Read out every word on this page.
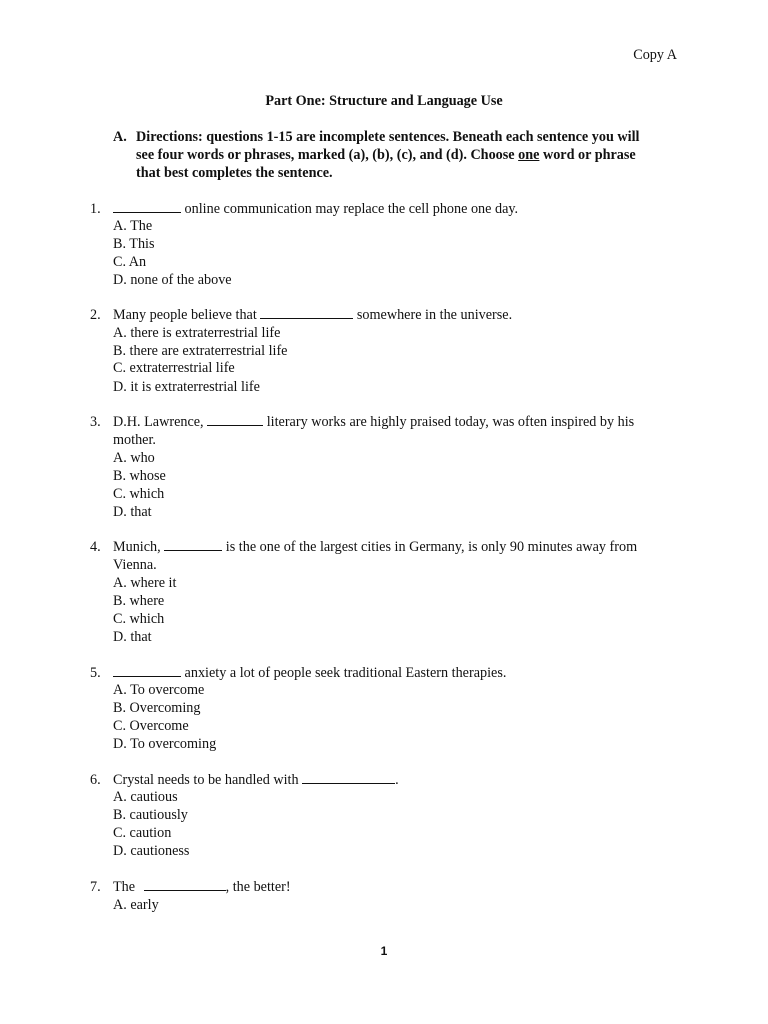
Copy A
Part One: Structure and Language Use
A. Directions: questions 1-15 are incomplete sentences. Beneath each sentence you will
see four words or phrases, marked (a), (b), (c), and (d). Choose one word or phrase
that best completes the sentence.
1.	online communication may replace the cell phone one day.
A. The
B. This
C. An
D. none of the above
2. Many people believe that	somewhere in the universe.
A. there is extraterrestrial life
B. there are extraterrestrial life
C. extraterrestrial life
D. it is extraterrestrial life
3. D.H. Lawrence,	literary works are highly praised today, was often inspired by his
mother.
A. who
B. whose
C. which
D. that
4. Munich,	is the one of the largest cities in Germany, is only 90 minutes away from
Vienna.
A. where it
B. where
C. which
D. that
5.	anxiety a lot of people seek traditional Eastern therapies.
A. To overcome
B. Overcoming
C. Overcome
D. To overcoming
6. Crystal needs to be handled with	.
A. cautious
B. cautiously
C. caution
D. cautioness
7. The	, the better!
A. early
1
